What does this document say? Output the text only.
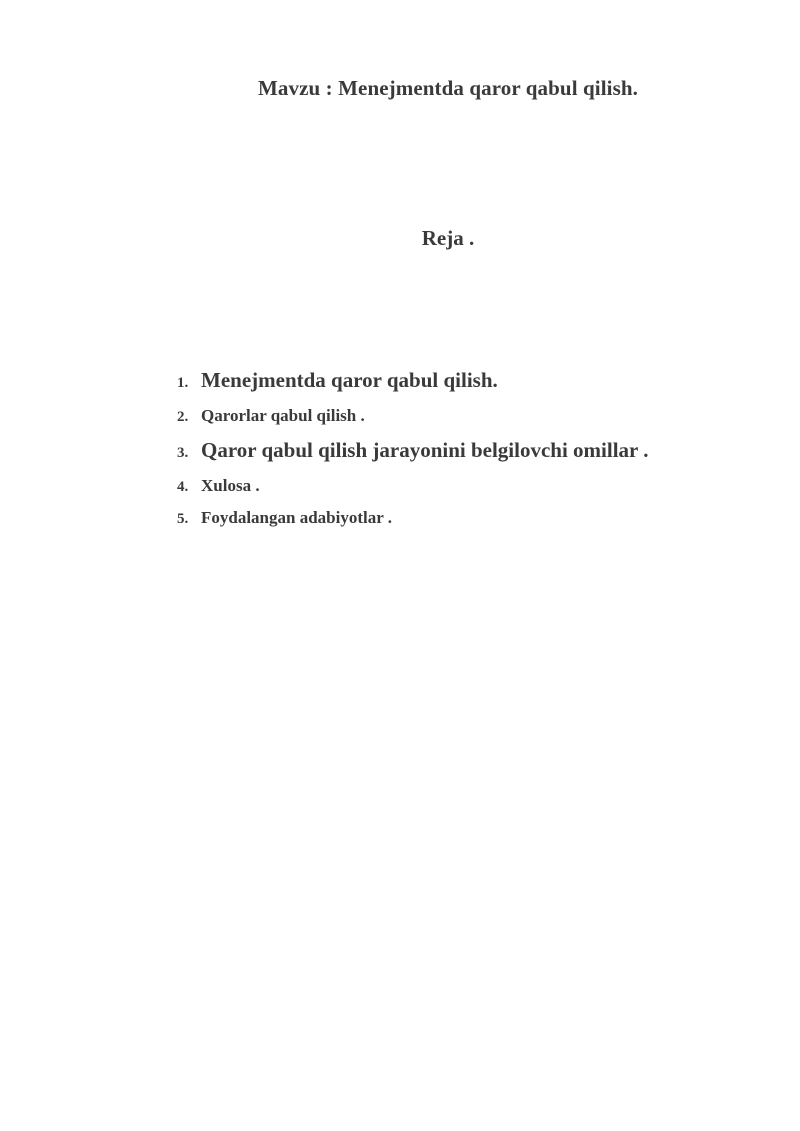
Mavzu : Menejmentda qaror qabul qilish.
Reja .
1. Menejmentda qaror qabul qilish.
2. Qarorlar qabul qilish .
3. Qaror qabul qilish jarayonini belgilovchi omillar .
4. Xulosa .
5. Foydalangan adabiyotlar .
